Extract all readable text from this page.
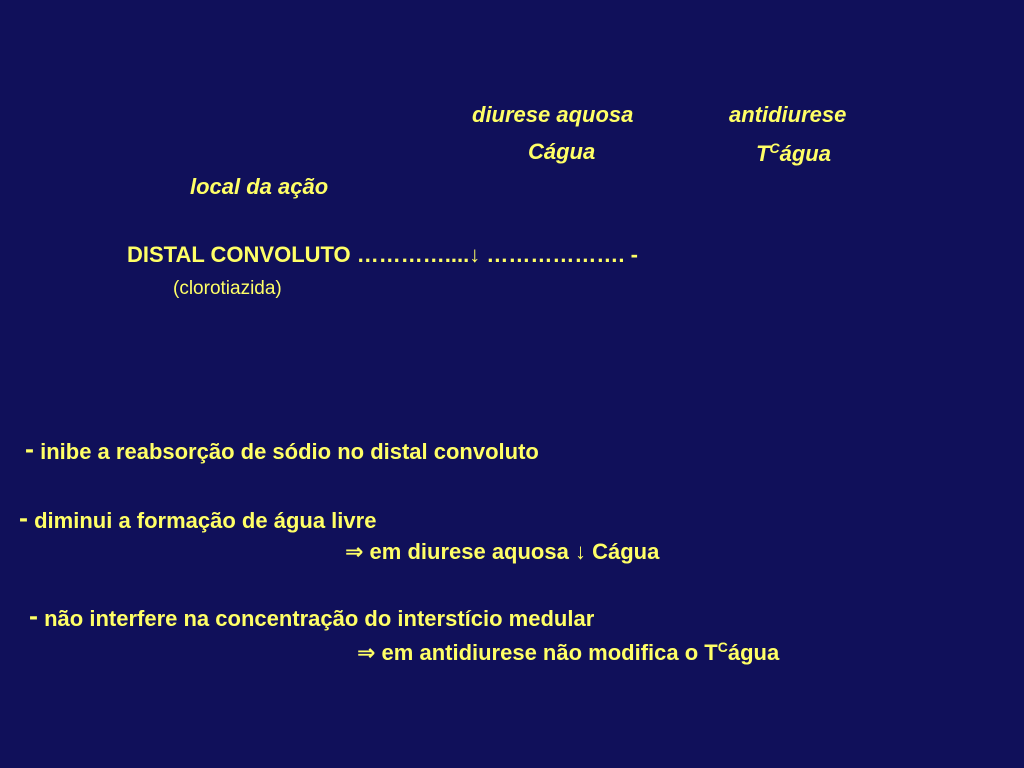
diurese aquosa	antidiurese
Cágua	$T^Cágua$
local da ação
DISTAL CONVOLUTO …………....↓ ………………. -
(clorotiazida)
- inibe a reabsorção de sódio no distal convoluto
- diminui a formação de água livre
⇒ em diurese aquosa ↓ Cágua
- não interfere na concentração do interstício medular
⇒ em antidiurese não modifica o $T^Cágua$
